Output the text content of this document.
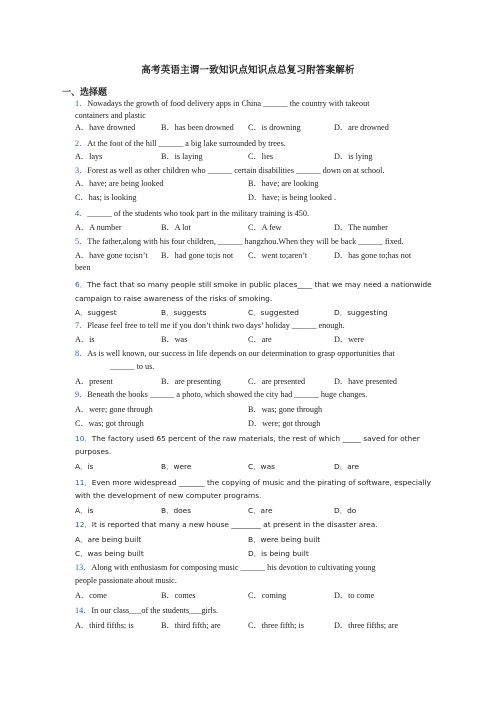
高考英语主谓一致知识点知识点总复习附答案解析
一、选择题
1．Nowadays the growth of food delivery apps in China ______ the country with takeout
containers and plastic
A．have drowned	B．has been drowned C．is drowning	D．are drowned
2．At the foot of the hill ______ a big lake surrounded by trees.
A．lays	B．is laying	C．lies	D．is lying
3．Forest as well as other children who ______ certain disabilities ______ down on at school.
A．have; are being looked	B．have; are looking
C．has; is looking	D．have; is being looked .
4．______ of the students who took part in the military training is 450.
A．A number	B．A lot	C．A few	D．The number
5．The father,along with his four children, ______ hangzhou.When they will be back ______ fixed.
A．have gone to;isn’t B．had gone to;is not C．went to;aren’t	D．has gone to;has not
been
6．The fact that so many people still smoke in public places____ that we may need a nationwide
campaign to raise awareness of the risks of smoking.
A．suggest	B．suggests	C．suggested	D．suggesting
7．Please feel free to tell me if you don’t think two days’ holiday ______ enough.
A．is	B．was	C．are	D．were
8．As is well known, our success in life depends on our determination to grasp opportunities that
______ to us.
A．present	B．are presenting	C．are presented	D．have presented
9．Beneath the books ______ a photo, which showed the city had ______ huge changes.
A．were; gone through	B．was; gone through
C．was; got through	D．were; got through
10．The factory used 65 percent of the raw materials, the rest of which _____ saved for other
purposes.
A．is	B．were	C．was	D．are
11．Even more widespread _______ the copying of music and the pirating of software, especially
with the development of new computer programs.
A．is	B．does	C．are	D．do
12．It is reported that many a new house ________ at present in the disaster area.
A．are being built	B．were being built
C．was being built	D．is being built
13．Along with enthusiasm for composing music ______ his devotion to cultivating young
people passionate about music.
A．come	B．comes	C．coming	D．to come
14．In our class___of the students___girls.
A．third fifths; is	B．third fifth; are	C．three fifth; is	D．three fifths; are
